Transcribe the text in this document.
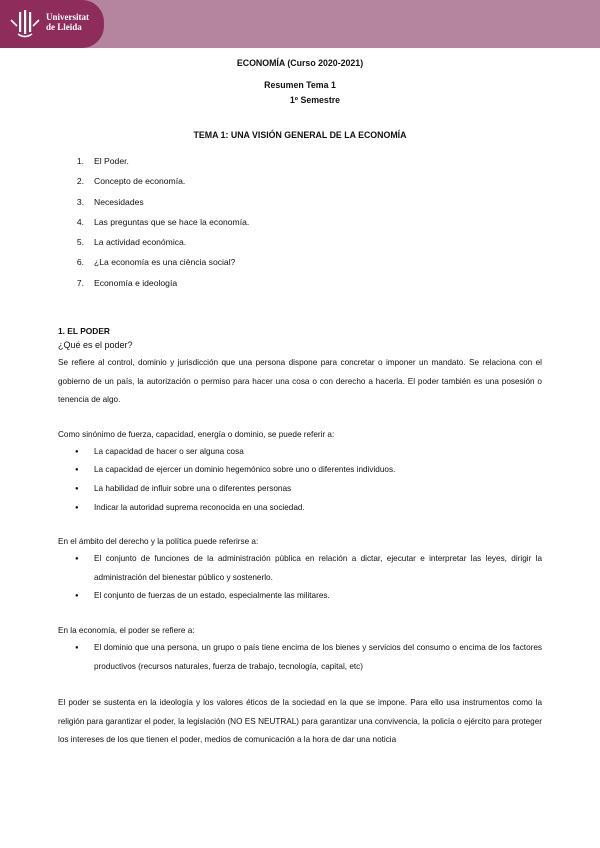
Universitat
de Lleida
ECONOMÍA (Curso 2020-2021)
Resumen Tema 1
1º Semestre
TEMA 1: UNA VISIÓN GENERAL DE LA ECONOMÍA
1.	El Poder.
2.	Concepto de economía.
3.	Necesidades
4.	Las preguntas que se hace la economía.
5.	La actividad económica.
6.	¿La economía es una ciència social?
7.	Economía e ideología
1. EL PODER
¿Qué es el poder?

Se refiere al control, dominio y jurisdicción que una persona dispone para concretar o imponer un mandato. Se relaciona con el gobierno de un país, la autorización o permiso para hacer una cosa o con derecho a hacerla. El poder también es una posesión o tenencia de algo.

Como sinónimo de fuerza, capacidad, energía o dominio, se puede referir a:

● La capacidad de hacer o ser alguna cosa
● La capacidad de ejercer un dominio hegemónico sobre uno o diferentes individuos.
● La habilidad de influir sobre una o diferentes personas
● Indicar la autoridad suprema reconocida en una sociedad.

En el ámbito del derecho y la política puede referirse a:

● El conjunto de funciones de la administración pública en relación a dictar, ejecutar e interpretar las leyes, dirigir la administración del bienestar público y sostenerlo.
● El conjunto de fuerzas de un estado, especialmente las militares.

En la economía, el poder se refiere a:

● El dominio que una persona, un grupo o país tiene encima de los bienes y servicios del consumo o encima de los factores productivos (recursos naturales, fuerza de trabajo, tecnología, capital, etc)

El poder se sustenta en la ideología y los valores éticos de la sociedad en la que se impone. Para ello usa instrumentos como la religión para garantizar el poder, la legislación (NO ES NEUTRAL) para garantizar una convivencia, la policía o ejército para proteger los intereses de los que tienen el poder, medios de comunicación a la hora de dar una noticia
